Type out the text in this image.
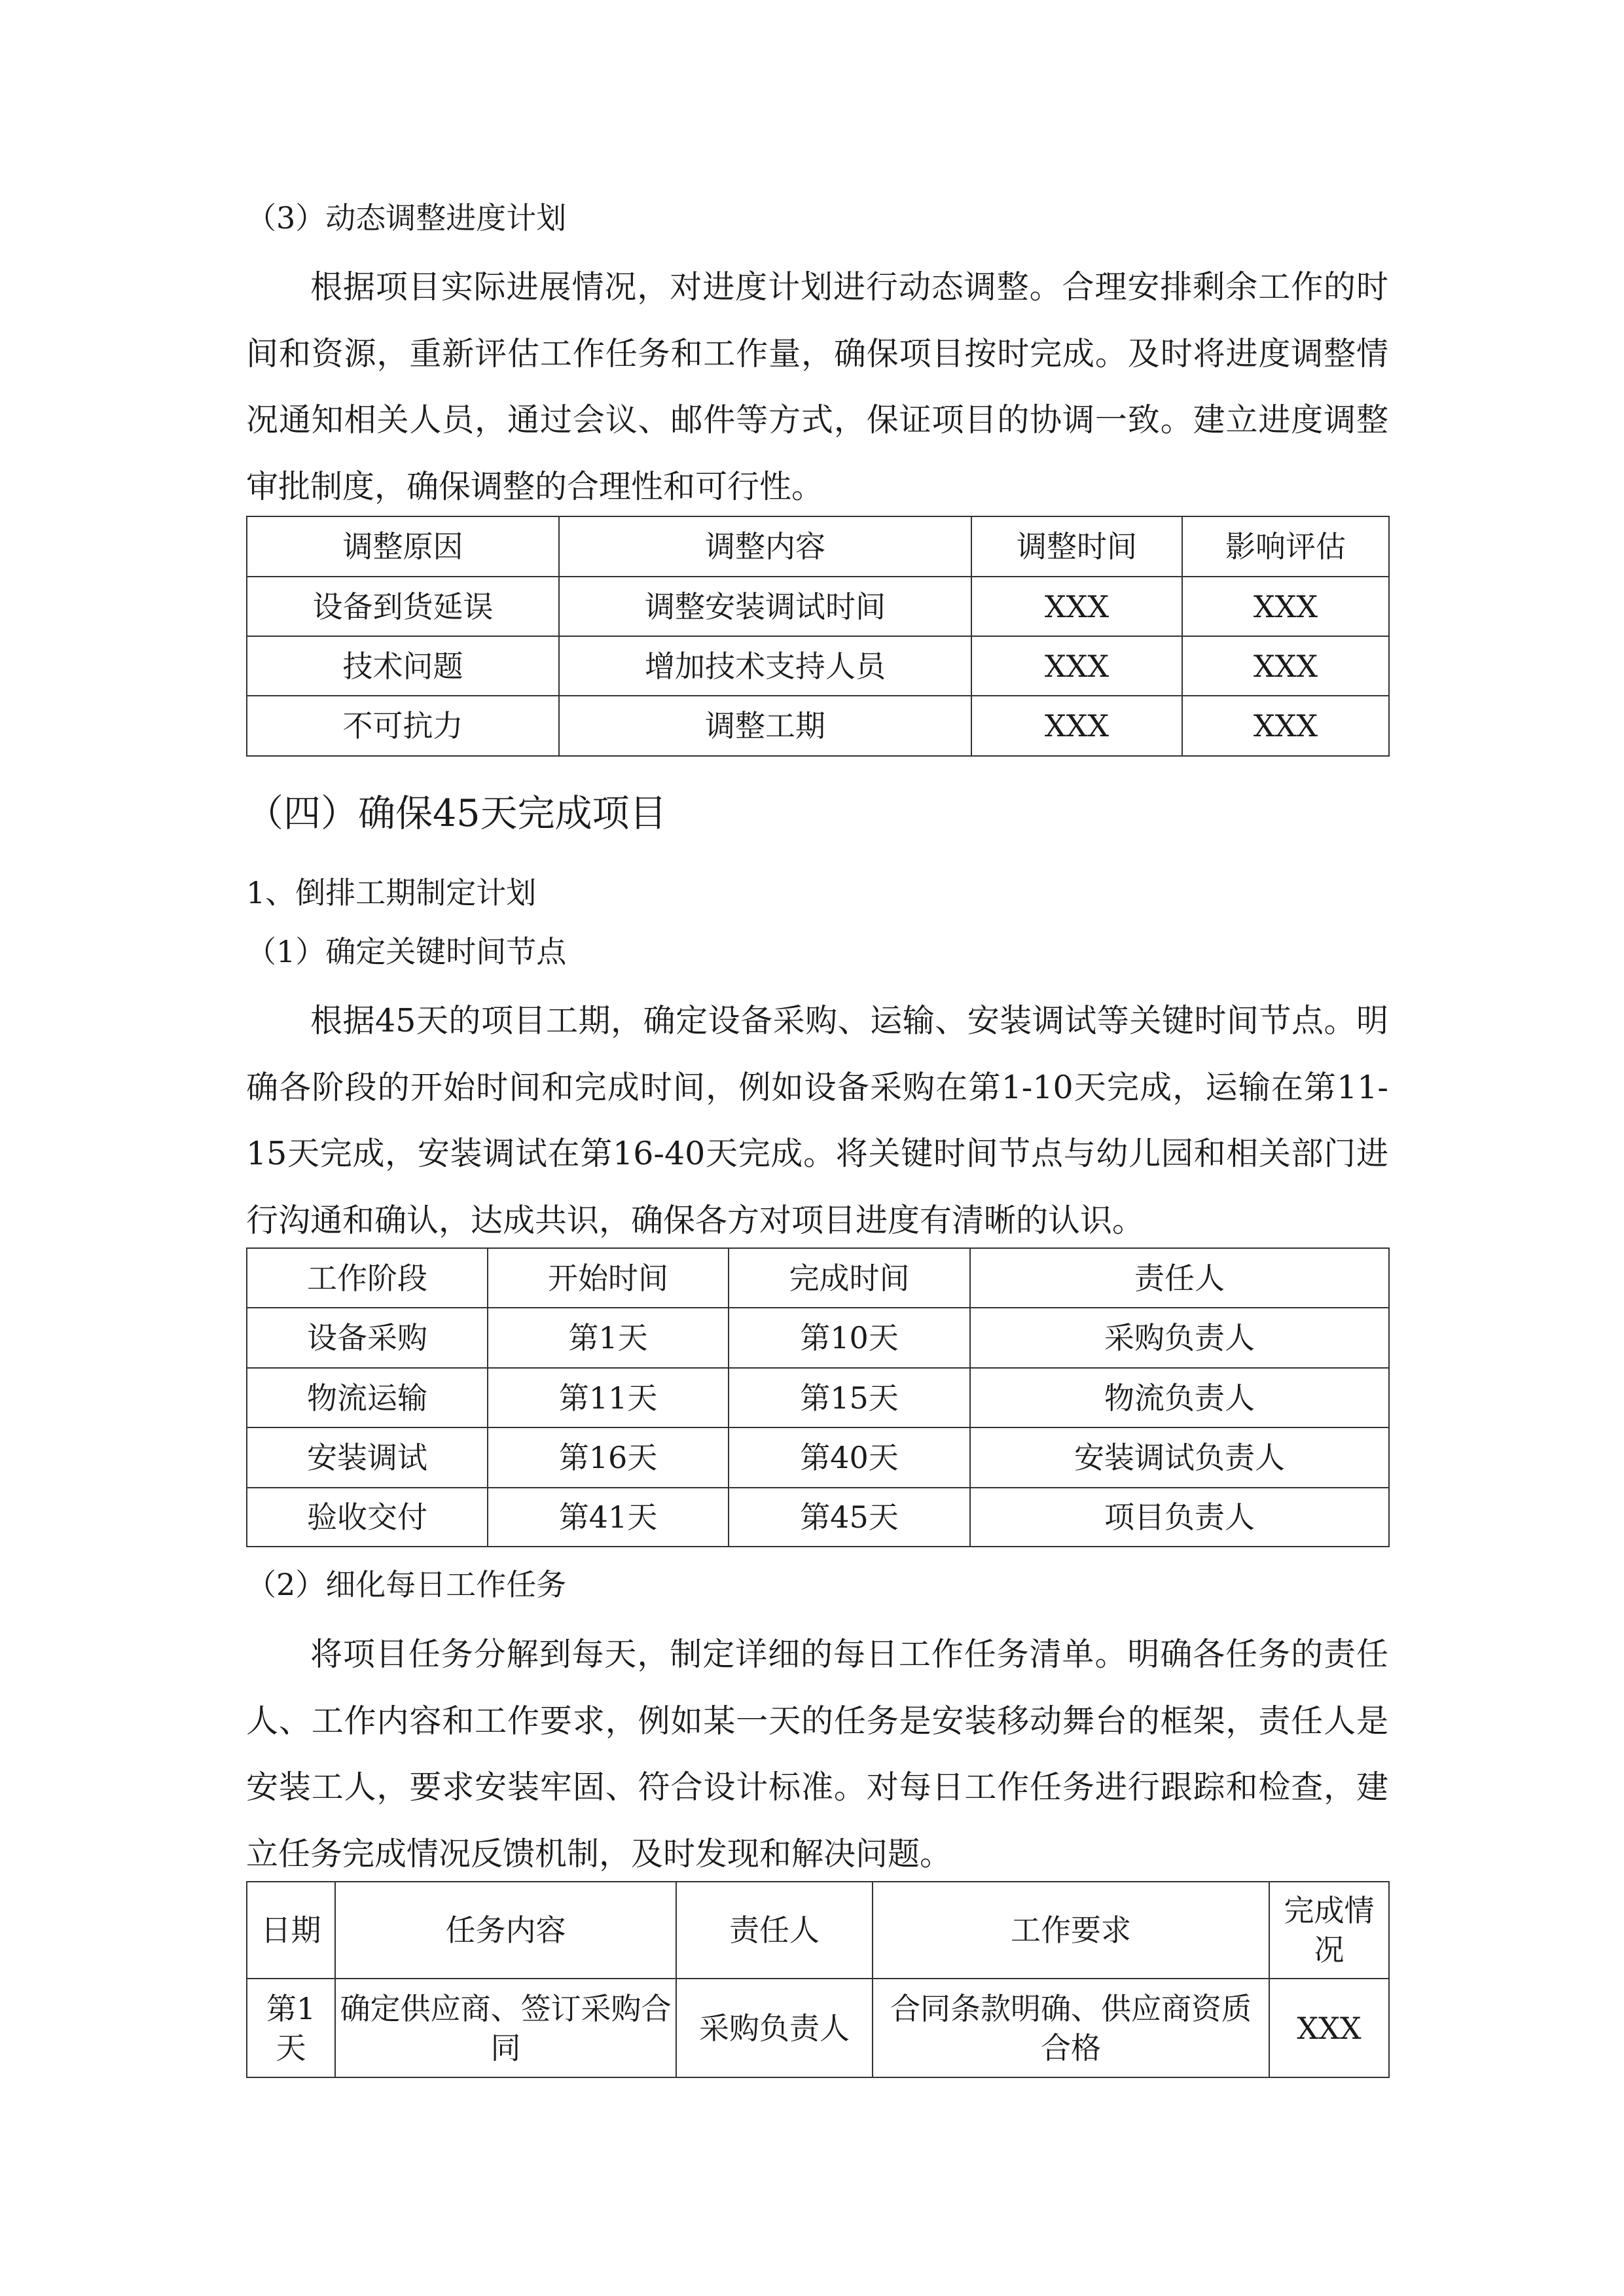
（3）动态调整进度计划

根据项目实际进展情况，对进度计划进行动态调整。合理安排剩余工作的时间和资源，重新评估工作任务和工作量，确保项目按时完成。及时将进度调整情况通知相关人员，通过会议、邮件等方式，保证项目的协调一致。建立进度调整审批制度，确保调整的合理性和可行性。

调整原因	调整内容	调整时间	影响评估
设备到货延误	调整安装调试时间	XXX	XXX
技术问题	增加技术支持人员	XXX	XXX
不可抗力	调整工期	XXX	XXX
（四）确保45天完成项目
1、倒排工期制定计划
（1）确定关键时间节点

根据45天的项目工期，确定设备采购、运输、安装调试等关键时间节点。明确各阶段的开始时间和完成时间，例如设备采购在第1-10天完成，运输在第11-15天完成，安装调试在第16-40天完成。将关键时间节点与幼儿园和相关部门进行沟通和确认，达成共识，确保各方对项目进度有清晰的认识。

工作阶段	开始时间	完成时间	责任人
设备采购	第1天	第10天	采购负责人
物流运输	第11天	第15天	物流负责人
安装调试	第16天	第40天	安装调试负责人
验收交付	第41天	第45天	项目负责人
（2）细化每日工作任务

将项目任务分解到每天，制定详细的每日工作任务清单。明确各任务的责任人、工作内容和工作要求，例如某一天的任务是安装移动舞台的框架，责任人是安装工人，要求安装牢固、符合设计标准。对每日工作任务进行跟踪和检查，建立任务完成情况反馈机制，及时发现和解决问题。

日期	任务内容	责任人	工作要求	完成情况
第1天	确定供应商、签订采购合同	采购负责人	合同条款明确、供应商资质合格	XXX
